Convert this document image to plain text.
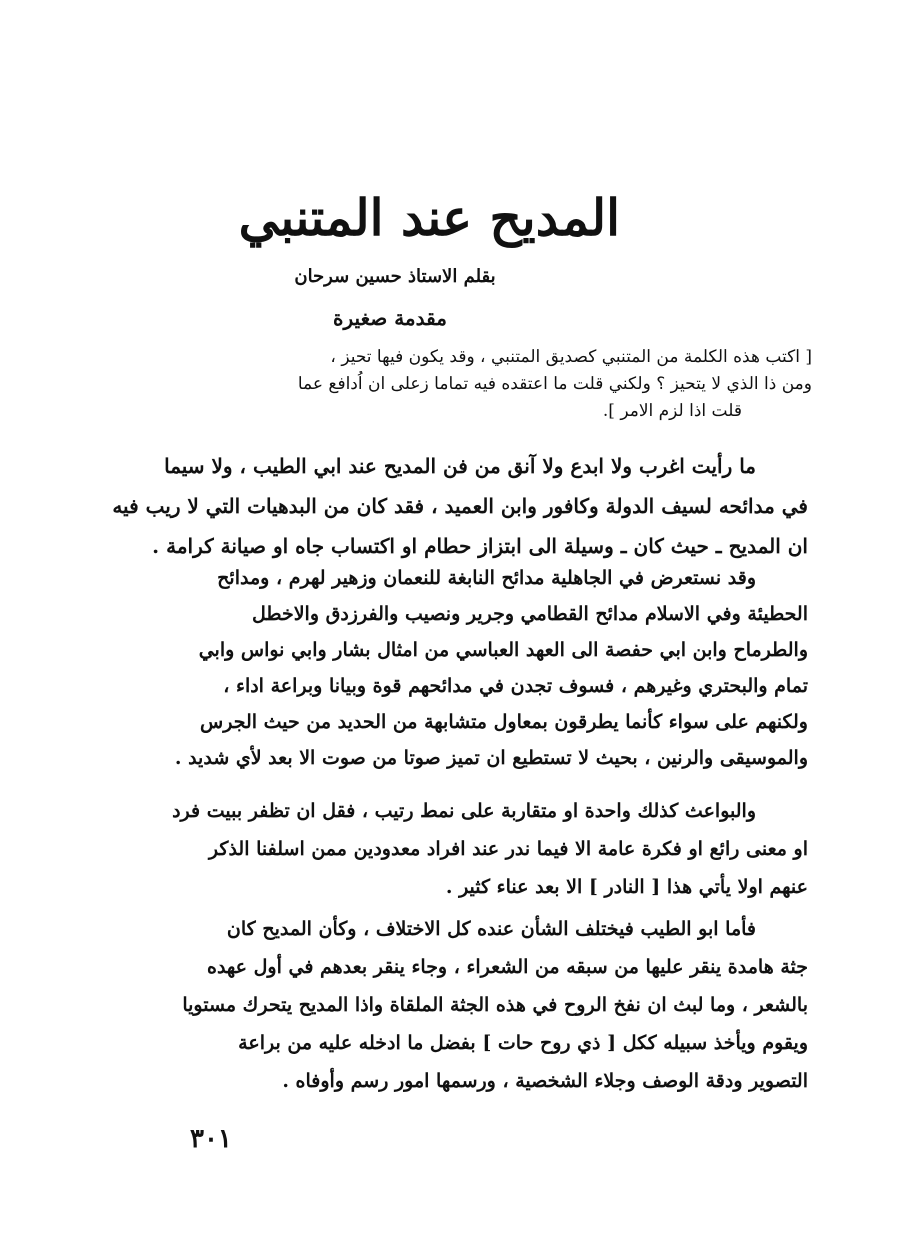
المديح عند المتنبي
بقلم الاستاذ حسين سرحان
مقدمة صغيرة
[ اكتب هذه الكلمة من المتنبي كصديق المتنبي ، وقد يكون فيها تحيز ،
ومن ذا الذي لا يتحيز ؟ ولكني قلت ما اعتقده فيه تماما زعلى ان اُدافع عما
قلت اذا لزم الامر ].
ما رأيت اغرب ولا ابدع ولا آنق من فن المديح عند ابي الطيب ، ولا سيما
في مدائحه لسيف الدولة وكافور وابن العميد ، فقد كان من البدهيات التي لا ريب فيه
ان المديح ـ حيث كان ـ وسيلة الى ابتزاز حطام او اكتساب جاه او صيانة كرامة .
وقد نستعرض في الجاهلية مدائح النابغة للنعمان وزهير لهرم ، ومدائح
الحطيئة وفي الاسلام مدائح القطامي وجرير ونصيب والفرزدق والاخطل
والطرماح وابن ابي حفصة الى العهد العباسي من امثال بشار وابي نواس وابي
تمام والبحتري وغيرهم ، فسوف تجدن في مدائحهم قوة وبيانا وبراعة اداء ،
ولكنهم على سواء كأنما يطرقون بمعاول متشابهة من الحديد من حيث الجرس
والموسيقى والرنين ، بحيث لا تستطيع ان تميز صوتا من صوت الا بعد لأي شديد .
والبواعث كذلك واحدة او متقاربة على نمط رتيب ، فقل ان تظفر ببيت فرد
او معنى رائع او فكرة عامة الا فيما ندر عند افراد معدودين ممن اسلفنا الذكر
عنهم اولا يأتي هذا [ النادر ] الا بعد عناء كثير .
فأما ابو الطيب فيختلف الشأن عنده كل الاختلاف ، وكأن المديح كان
جثة هامدة ينقر عليها من سبقه من الشعراء ، وجاء ينقر بعدهم في أول عهده
بالشعر ، وما لبث ان نفخ الروح في هذه الجثة الملقاة واذا المديح يتحرك مستويا
ويقوم ويأخذ سبيله ككل [ ذي روح حات ] بفضل ما ادخله عليه من براعة
التصوير ودقة الوصف وجلاء الشخصية ، ورسمها امور رسم وأوفاه .
٣٠١
